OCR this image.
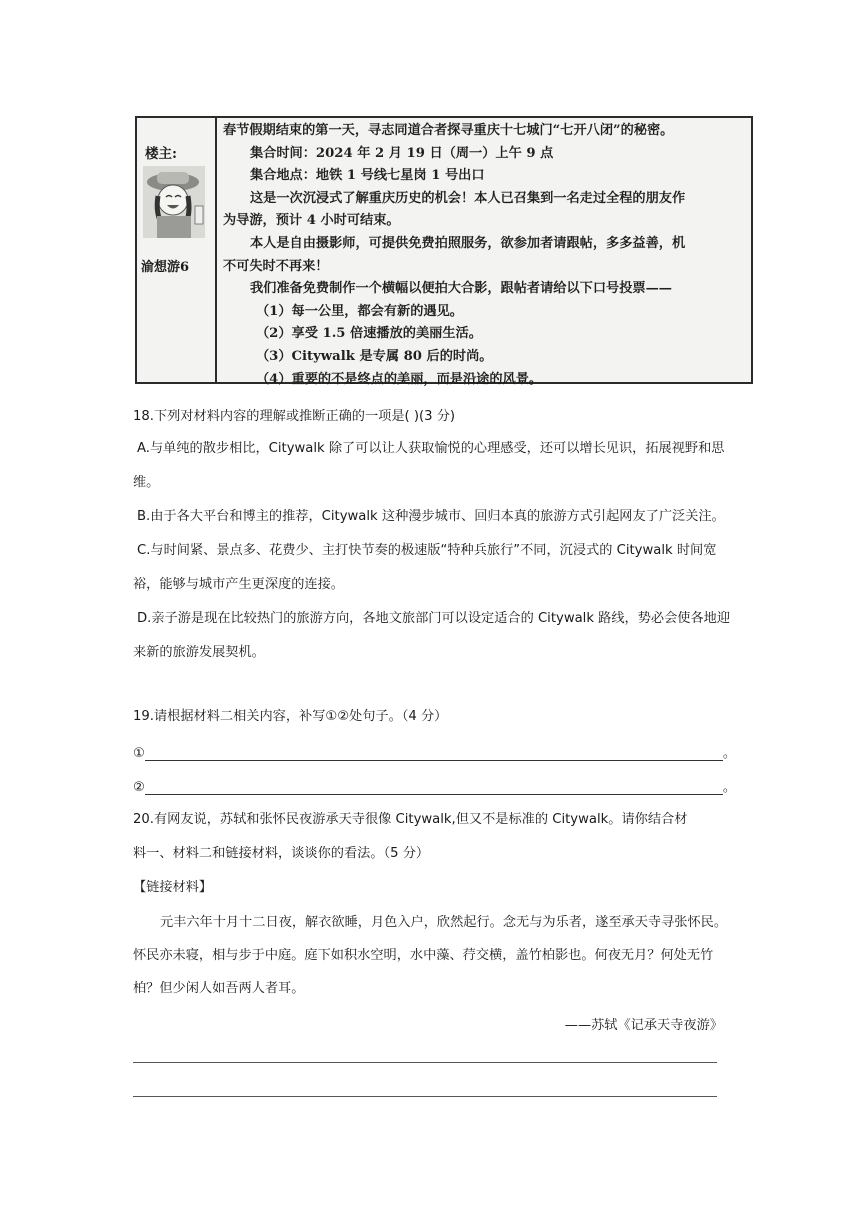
楼主:
渝想游6
春节假期结束的第一天，寻志同道合者探寻重庆十七城门“七开八闭”的秘密。
集合时间：2024 年 2 月 19 日（周一）上午 9 点
集合地点：地铁 1 号线七星岗 1 号出口
这是一次沉浸式了解重庆历史的机会！本人已召集到一名走过全程的朋友作
为导游，预计 4 小时可结束。
本人是自由摄影师，可提供免费拍照服务，欲参加者请跟帖，多多益善，机
不可失时不再来！
我们准备免费制作一个横幅以便拍大合影，跟帖者请给以下口号投票——
（1）每一公里，都会有新的遇见。
（2）享受 1.5 倍速播放的美丽生活。
（3）Citywalk 是专属 80 后的时尚。
（4）重要的不是终点的美丽，而是沿途的风景。
18.下列对材料内容的理解或推断正确的一项是( )(3 分)

A.与单纯的散步相比，Citywalk 除了可以让人获取愉悦的心理感受，还可以增长见识，拓展视野和思维。

B.由于各大平台和博主的推荐，Citywalk 这种漫步城市、回归本真的旅游方式引起网友了广泛关注。

C.与时间紧、景点多、花费少、主打快节奏的极速版“特种兵旅行”不同，沉浸式的 Citywalk 时间宽裕，能够与城市产生更深度的连接。

D.亲子游是现在比较热门的旅游方向，各地文旅部门可以设定适合的 Citywalk 路线，势必会使各地迎来新的旅游发展契机。

19.请根据材料二相关内容，补写①②处句子。（4 分）
①	。
②	。
20.有网友说，苏轼和张怀民夜游承天寺很像 Citywalk,但又不是标准的 Citywalk。请你结合材
料一、材料二和链接材料，谈谈你的看法。（5 分）
【链接材料】

元丰六年十月十二日夜，解衣欲睡，月色入户，欣然起行。念无与为乐者，遂至承天寺寻张怀民。怀民亦未寝，相与步于中庭。庭下如积水空明，水中藻、荇交横，盖竹柏影也。何夜无月？何处无竹柏？但少闲人如吾两人者耳。

——苏轼《记承天寺夜游》
